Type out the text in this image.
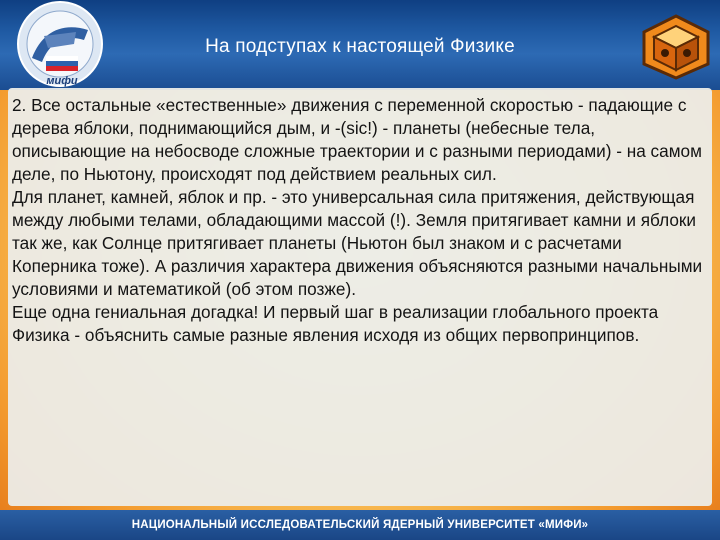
мифи
На подступах к настоящей Физике

2. Все остальные «естественные» движения с переменной скоростью - падающие с дерева яблоки, поднимающийся дым, и -(sic!) - планеты (небесные тела, описывающие на небосводе сложные траектории и с разными периодами) - на самом деле, по Ньютону, происходят под действием реальных сил.
Для планет, камней, яблок и пр. - это универсальная сила притяжения, действующая между любыми телами, обладающими массой (!). Земля притягивает камни и яблоки так же, как Солнце притягивает планеты (Ньютон был знаком и с расчетами Коперника тоже). А различия характера движения объясняются разными начальными условиями и математикой (об этом позже).
Еще одна гениальная догадка! И первый шаг в реализации глобального проекта Физика - объяснить самые разные явления исходя из общих первопринципов.

НАЦИОНАЛЬНЫЙ ИССЛЕДОВАТЕЛЬСКИЙ ЯДЕРНЫЙ УНИВЕРСИТЕТ «МИФИ»
